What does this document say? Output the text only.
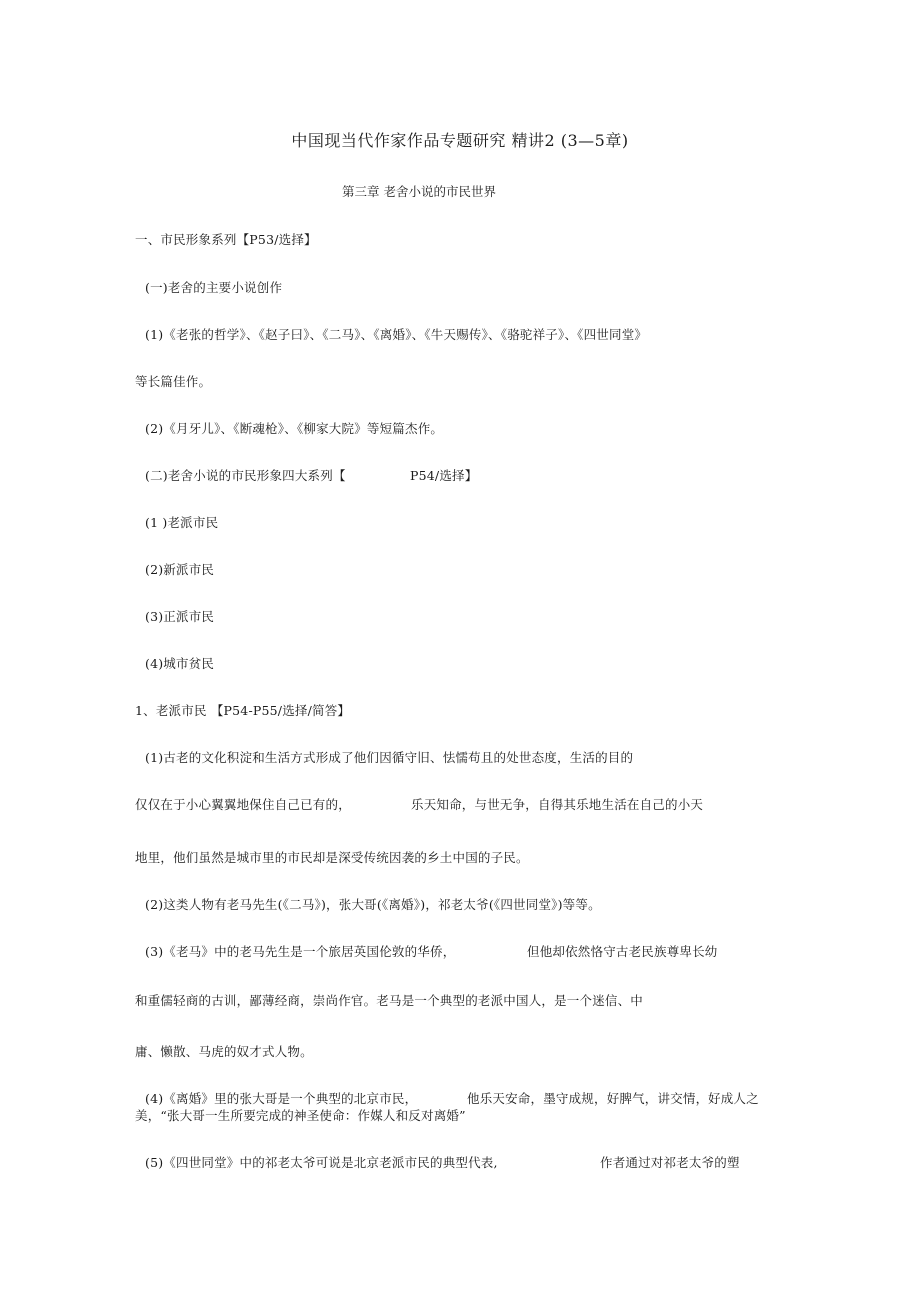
中国现当代作家作品专题研究 精讲2 (3—5章)
第三章 老舍小说的市民世界
一、市民形象系列【P53/选择】
(一)老舍的主要小说创作
(1)《老张的哲学》、《赵子曰》、《二马》、《离婚》、《牛天赐传》、《骆驼祥子》、《四世同堂》
等长篇佳作。
(2)《月牙儿》、《断魂枪》、《柳家大院》等短篇杰作。
(二)老舍小说的市民形象四大系列【	P54/选择】
(1 )老派市民
(2)新派市民
(3)正派市民
(4)城市贫民
1、老派市民 【P54-P55/选择/简答】
(1)古老的文化积淀和生活方式形成了他们因循守旧、怯懦苟且的处世态度，生活的目的
仅仅在于小心翼翼地保住自己已有的，	乐天知命，与世无争，自得其乐地生活在自己的小天
地里，他们虽然是城市里的市民却是深受传统因袭的乡土中国的子民。
(2)这类人物有老马先生(《二马》)，张大哥(《离婚》)，祁老太爷(《四世同堂》)等等。
(3)《老马》中的老马先生是一个旅居英国伦敦的华侨，	但他却依然恪守古老民族尊卑长幼
和重儒轻商的古训，鄙薄经商，崇尚作官。老马是一个典型的老派中国人，是一个迷信、中
庸、懒散、马虎的奴才式人物。
(4)《离婚》里的张大哥是一个典型的北京市民，	他乐天安命，墨守成规，好脾气，讲交情， 好成人之
美，“张大哥一生所要完成的神圣使命：作媒人和反对离婚”
(5)《四世同堂》中的祁老太爷可说是北京老派市民的典型代表,	作者通过对祁老太爷的塑
